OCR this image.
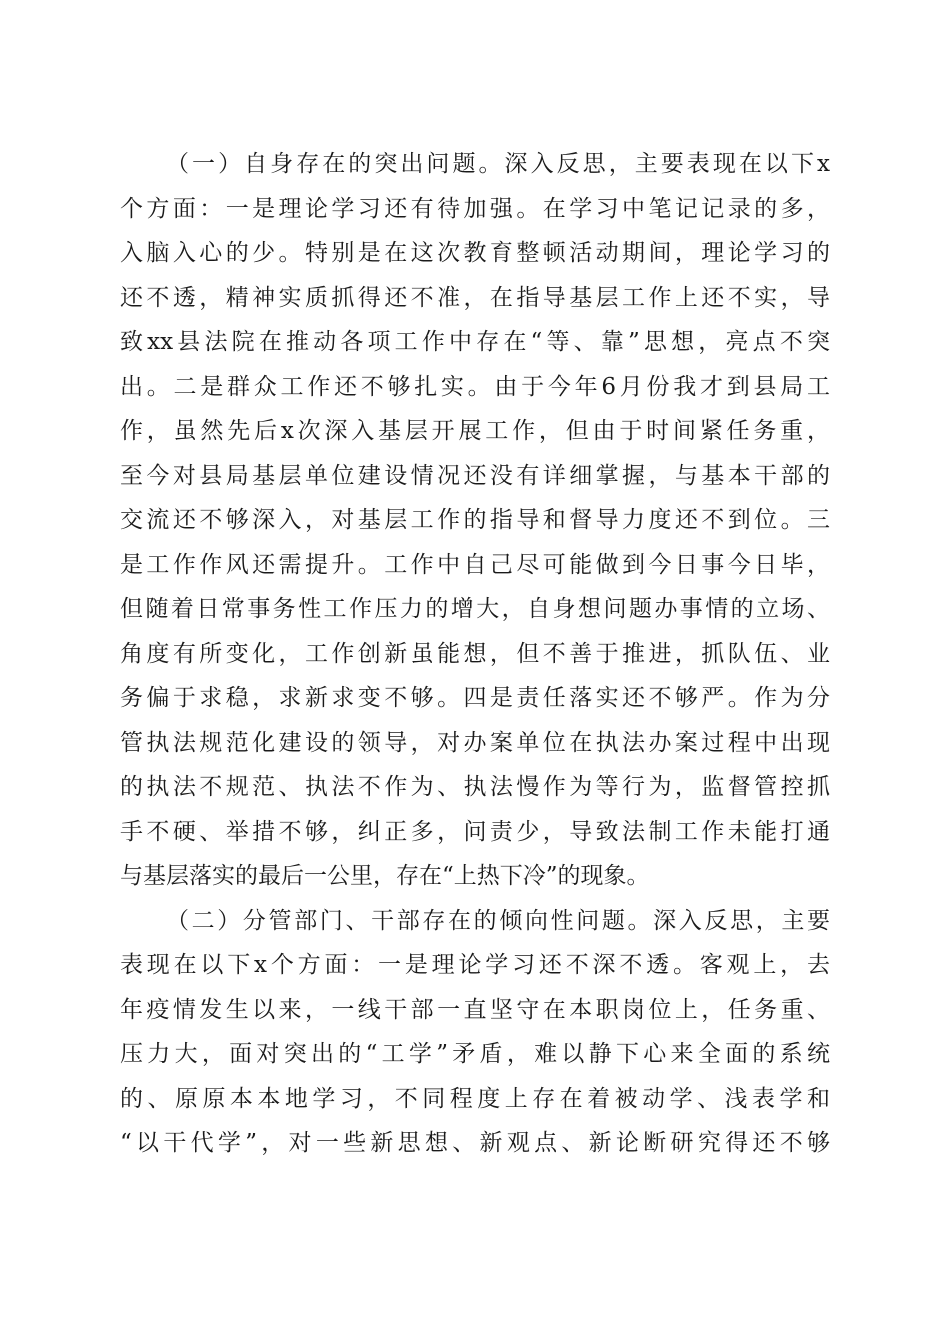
（一）自身存在的突出问题。深入反思，主要表现在以下x
个方面：一是理论学习还有待加强。在学习中笔记记录的多，
入脑入心的少。特别是在这次教育整顿活动期间，理论学习的
还不透，精神实质抓得还不准，在指导基层工作上还不实，导
致xx县法院在推动各项工作中存在“等、靠”思想，亮点不突
出。二是群众工作还不够扎实。由于今年6月份我才到县局工
作，虽然先后x次深入基层开展工作，但由于时间紧任务重，
至今对县局基层单位建设情况还没有详细掌握，与基本干部的
交流还不够深入，对基层工作的指导和督导力度还不到位。三
是工作作风还需提升。工作中自己尽可能做到今日事今日毕，
但随着日常事务性工作压力的增大，自身想问题办事情的立场、
角度有所变化，工作创新虽能想，但不善于推进，抓队伍、业
务偏于求稳，求新求变不够。四是责任落实还不够严。作为分
管执法规范化建设的领导，对办案单位在执法办案过程中出现
的执法不规范、执法不作为、执法慢作为等行为，监督管控抓
手不硬、举措不够，纠正多，问责少，导致法制工作未能打通
与基层落实的最后一公里，存在“上热下冷”的现象。
（二）分管部门、干部存在的倾向性问题。深入反思，主要
表现在以下x个方面：一是理论学习还不深不透。客观上，去
年疫情发生以来，一线干部一直坚守在本职岗位上，任务重、
压力大，面对突出的“工学”矛盾，难以静下心来全面的系统
的、原原本本地学习，不同程度上存在着被动学、浅表学和
“以干代学”，对一些新思想、新观点、新论断研究得还不够
